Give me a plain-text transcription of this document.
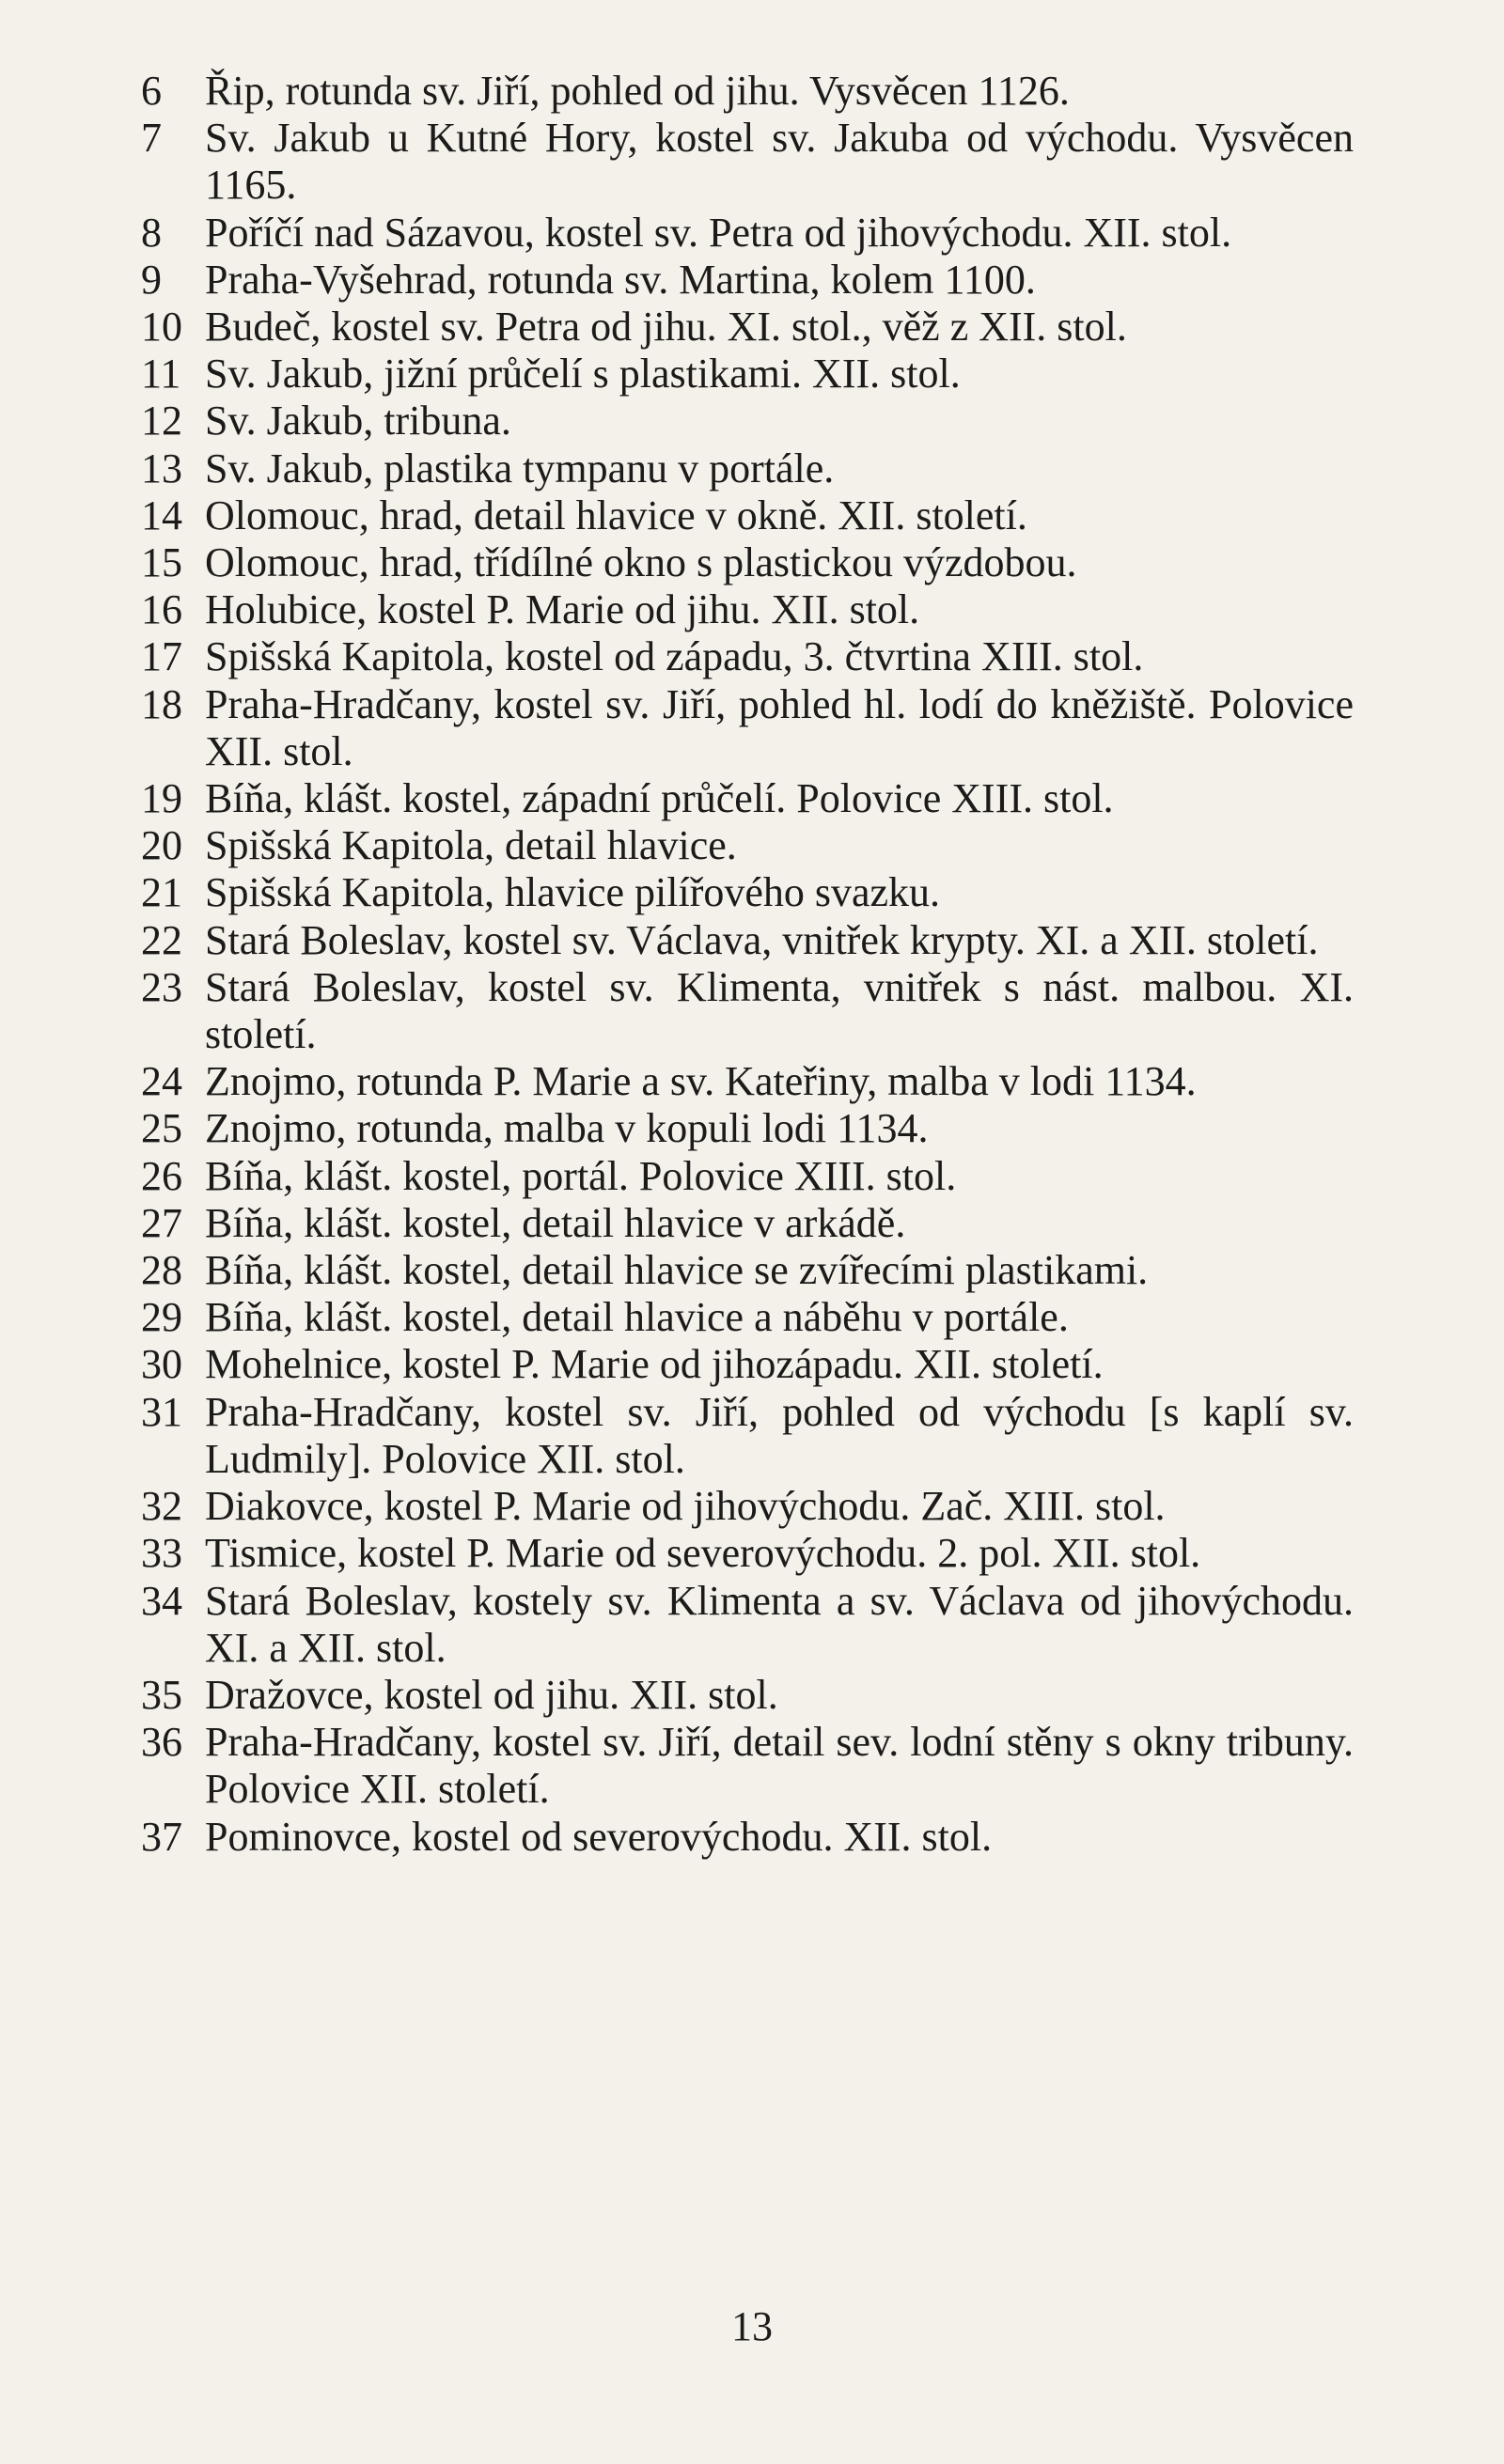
6	Řip, rotunda sv. Jiří, pohled od jihu. Vysvěcen 1126.
7	Sv. Jakub u Kutné Hory, kostel sv. Jakuba od východu. Vysvěcen 1165.
8	Poříčí nad Sázavou, kostel sv. Petra od jihovýchodu. XII. stol.
9	Praha-Vyšehrad, rotunda sv. Martina, kolem 1100.
10 Budeč, kostel sv. Petra od jihu. XI. stol., věž z XII. stol.
11 Sv. Jakub, jižní průčelí s plastikami. XII. stol.
12 Sv. Jakub, tribuna.
13 Sv. Jakub, plastika tympanu v portále.
14 Olomouc, hrad, detail hlavice v okně. XII. století.
15 Olomouc, hrad, třídílné okno s plastickou výzdobou.
16 Holubice, kostel P. Marie od jihu. XII. stol.
17 Spišská Kapitola, kostel od západu, 3. čtvrtina XIII. stol.
18 Praha-Hradčany, kostel sv. Jiří, pohled hl. lodí do kněžiště. Polovice XII. stol.
19 Bíňa, klášt. kostel, západní průčelí. Polovice XIII. stol.
20 Spišská Kapitola, detail hlavice.
21 Spišská Kapitola, hlavice pilířového svazku.
22 Stará Boleslav, kostel sv. Václava, vnitřek krypty. XI. a XII. století.
23 Stará Boleslav, kostel sv. Klimenta, vnitřek s nást. malbou. XI. století.
24 Znojmo, rotunda P. Marie a sv. Kateřiny, malba v lodi 1134.
25 Znojmo, rotunda, malba v kopuli lodi 1134.
26 Bíňa, klášt. kostel, portál. Polovice XIII. stol.
27 Bíňa, klášt. kostel, detail hlavice v arkádě.
28 Bíňa, klášt. kostel, detail hlavice se zvířecími plastikami.
29 Bíňa, klášt. kostel, detail hlavice a náběhu v portále.
30 Mohelnice, kostel P. Marie od jihozápadu. XII. století.
31 Praha-Hradčany, kostel sv. Jiří, pohled od východu [s kaplí sv. Ludmily]. Polovice XII. stol.
32 Diakovce, kostel P. Marie od jihovýchodu. Zač. XIII. stol.
33 Tismice, kostel P. Marie od severovýchodu. 2. pol. XII. stol.
34 Stará Boleslav, kostely sv. Klimenta a sv. Václava od jihovýchodu. XI. a XII. stol.
35 Dražovce, kostel od jihu. XII. stol.
36 Praha-Hradčany, kostel sv. Jiří, detail sev. lodní stěny s okny tribuny. Polovice XII. století.
37 Pominovce, kostel od severovýchodu. XII. stol.
13
